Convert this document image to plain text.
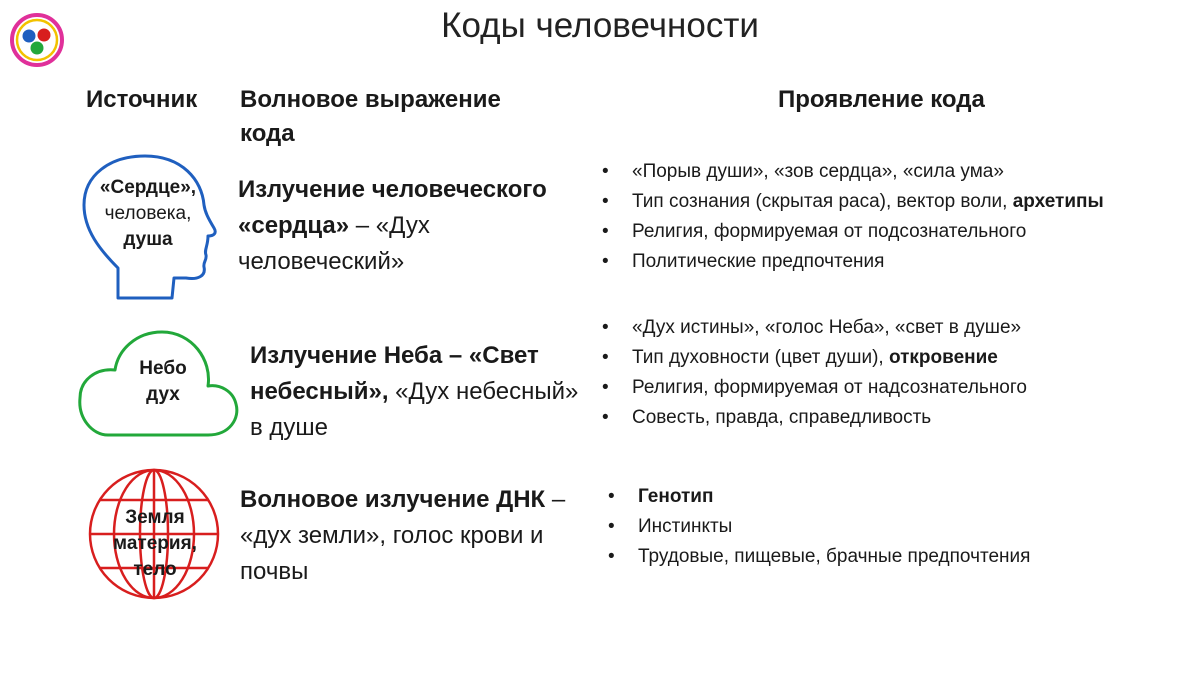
Коды человечности
Источник Волновое выражение кода
Проявление кода
«Сердце»,
человека,
душа
Излучение человеческого «сердца» – «Дух человеческий»
• «Порыв души», «зов сердца», «сила ума»
• Тип сознания (скрытая раса), вектор воли, архетипы
• Религия, формируемая от подсознательного
• Политические предпочтения
Небо
дух
Излучение Неба – «Свет небесный», «Дух небесный» в душе
• «Дух истины», «голос Неба», «свет в душе»
• Тип духовности (цвет души), откровение
• Религия, формируемая от надсознательного
• Совесть, правда, справедливость
Земля
материя,
тело
Волновое излучение ДНК – «дух земли», голос крови и почвы
• Генотип
• Инстинкты
• Трудовые, пищевые, брачные предпочтения
